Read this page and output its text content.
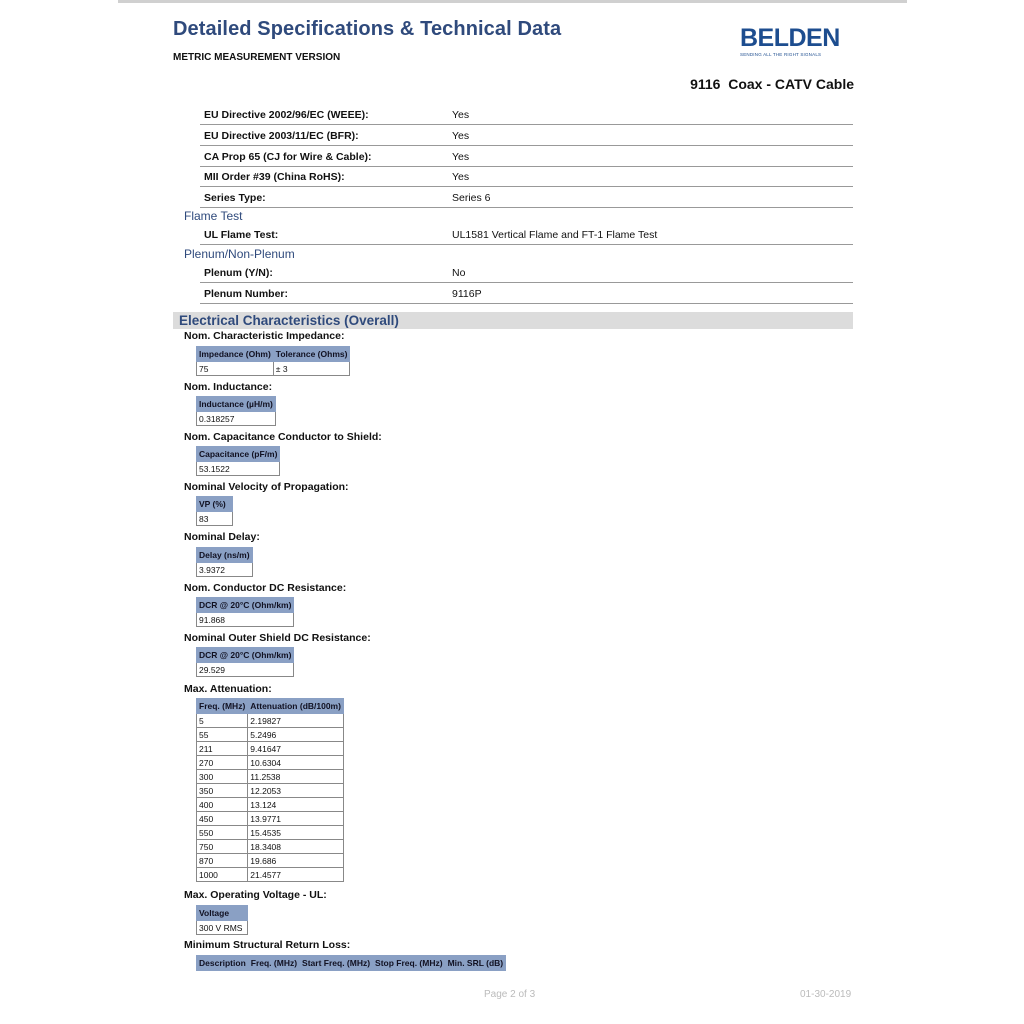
Detailed Specifications & Technical Data
METRIC MEASUREMENT VERSION
BELDEN
SENDING ALL THE RIGHT SIGNALS
9116  Coax - CATV Cable
EU Directive 2002/96/EC (WEEE):	Yes
EU Directive 2003/11/EC (BFR):	Yes
CA Prop 65 (CJ for Wire & Cable):	Yes
MII Order #39 (China RoHS):	Yes
Series Type:	Series 6
Flame Test
UL Flame Test:	UL1581 Vertical Flame and FT-1 Flame Test
Plenum/Non-Plenum
Plenum (Y/N):	No
Plenum Number:	9116P
Electrical Characteristics (Overall)
Nom. Characteristic Impedance:
Impedance (Ohm)	Tolerance (Ohms)
75	± 3
Nom. Inductance:
Inductance (µH/m)
0.318257
Nom. Capacitance Conductor to Shield:
Capacitance (pF/m)
53.1522
Nominal Velocity of Propagation:
VP (%)
83
Nominal Delay:
Delay (ns/m)
3.9372
Nom. Conductor DC Resistance:
DCR @ 20°C (Ohm/km)
91.868
Nominal Outer Shield DC Resistance:
DCR @ 20°C (Ohm/km)
29.529
Max. Attenuation:
Freq. (MHz)	Attenuation (dB/100m)
5	2.19827
55	5.2496
211	9.41647
270	10.6304
300	11.2538
350	12.2053
400	13.124
450	13.9771
550	15.4535
750	18.3408
870	19.686
1000	21.4577
Max. Operating Voltage - UL:
Voltage
300 V RMS
Minimum Structural Return Loss:
Description	Freq. (MHz)	Start Freq. (MHz)	Stop Freq. (MHz)	Min. SRL (dB)
Page 2 of 3	01-30-2019
